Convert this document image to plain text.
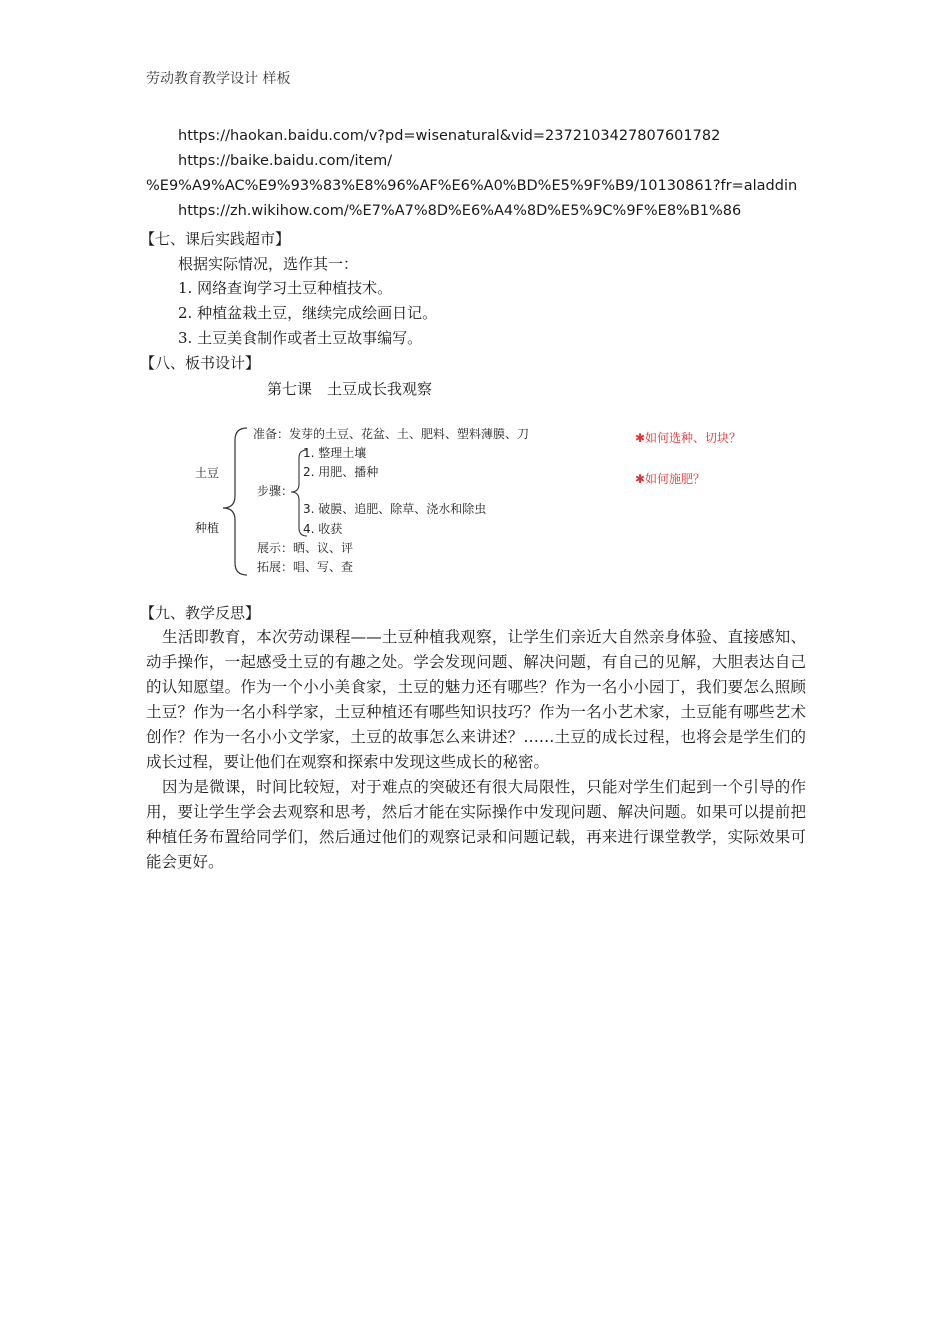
劳动教育教学设计 样板
https://haokan.baidu.com/v?pd=wisenatural&vid=2372103427807601782
https://baike.baidu.com/item/
%E9%A9%AC%E9%93%83%E8%96%AF%E6%A0%BD%E5%9F%B9/10130861?fr=aladdin
https://zh.wikihow.com/%E7%A7%8D%E6%A4%8D%E5%9C%9F%E8%B1%86
【七、课后实践超市】
根据实际情况，选作其一：
1. 网络查询学习土豆种植技术。
2. 种植盆栽土豆，继续完成绘画日记。
3. 土豆美食制作或者土豆故事编写。
【八、板书设计】
第七课　土豆成长我观察
土豆
种植
准备：发芽的土豆、花盆、土、肥料、塑料薄膜、刀
步骤：
1. 整理土壤
2. 用肥、播种
3. 破膜、追肥、除草、浇水和除虫
4. 收获
展示：晒、议、评
拓展：唱、写、查
✱如何选种、切块？
✱如何施肥？
【九、教学反思】

生活即教育，本次劳动课程——土豆种植我观察，让学生们亲近大自然亲身体验、直接感知、动手操作，一起感受土豆的有趣之处。学会发现问题、解决问题，有自己的见解，大胆表达自己的认知愿望。作为一个小小美食家，土豆的魅力还有哪些？作为一名小小园丁，我们要怎么照顾土豆？作为一名小科学家，土豆种植还有哪些知识技巧？作为一名小艺术家，土豆能有哪些艺术创作？作为一名小小文学家，土豆的故事怎么来讲述？……土豆的成长过程，也将会是学生们的成长过程，要让他们在观察和探索中发现这些成长的秘密。

因为是微课，时间比较短，对于难点的突破还有很大局限性，只能对学生们起到一个引导的作用，要让学生学会去观察和思考，然后才能在实际操作中发现问题、解决问题。如果可以提前把种植任务布置给同学们，然后通过他们的观察记录和问题记载，再来进行课堂教学，实际效果可能会更好。
